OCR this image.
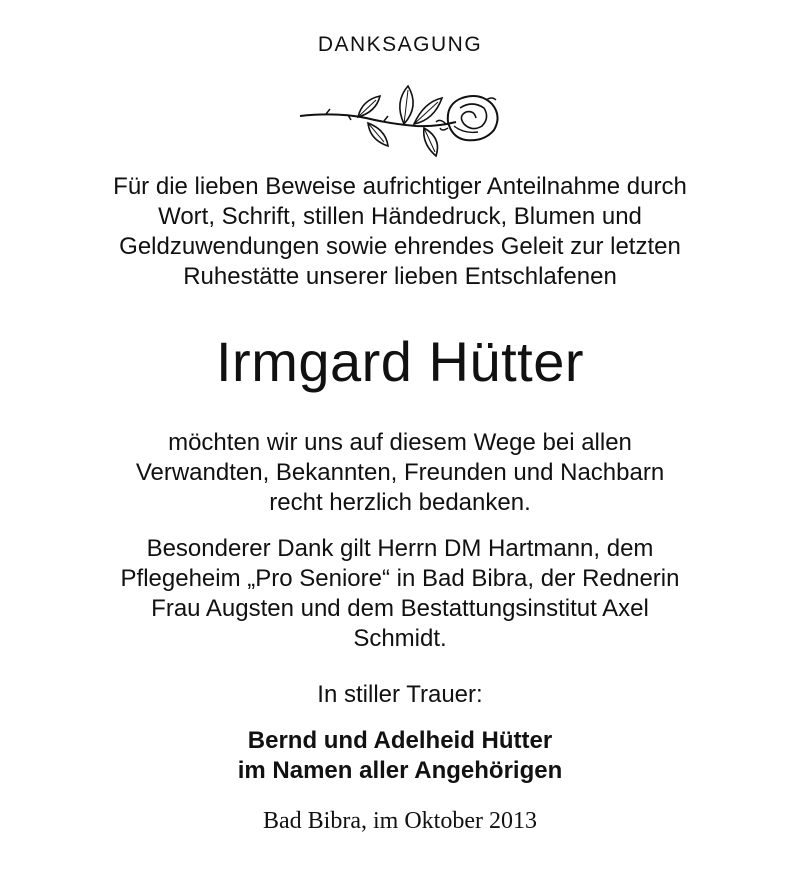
DANKSAGUNG

Für die lieben Beweise aufrichtiger Anteilnahme durch

Wort, Schrift, stillen Händedruck, Blumen und

Geldzuwendungen sowie ehrendes Geleit zur letzten

Ruhestätte unserer lieben Entschlafenen

Irmgard Hütter

möchten wir uns auf diesem Wege bei allen

Verwandten, Bekannten, Freunden und Nachbarn

recht herzlich bedanken.

Besonderer Dank gilt Herrn DM Hartmann, dem

Pflegeheim „Pro Seniore“ in Bad Bibra, der Rednerin

Frau Augsten und dem Bestattungsinstitut Axel

Schmidt.

In stiller Trauer:

Bernd und Adelheid Hütter

im Namen aller Angehörigen

Bad Bibra, im Oktober 2013
